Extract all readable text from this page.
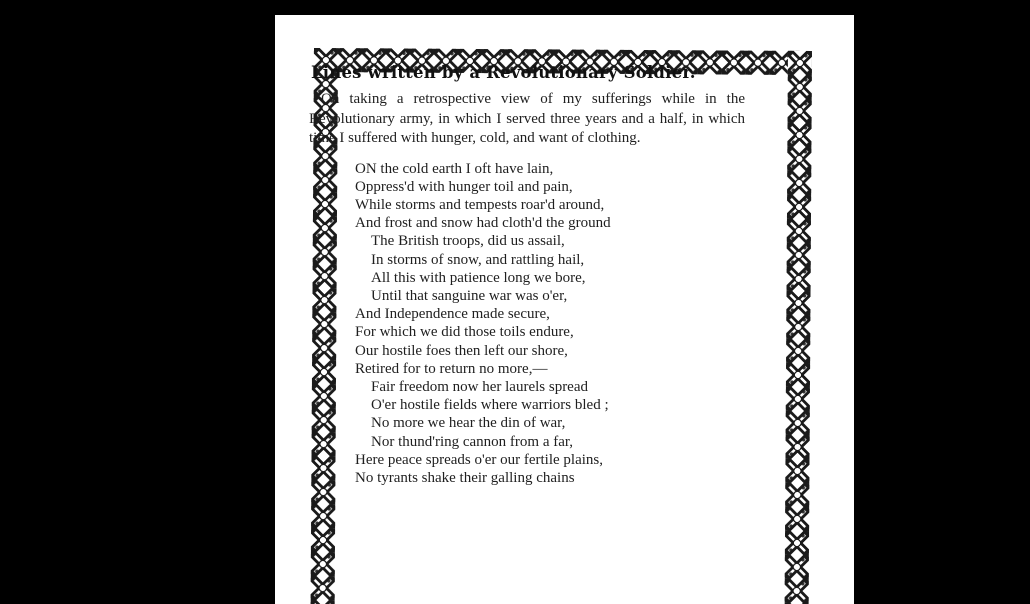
Lines written by a Revolutionary Soldier.

On taking a retrospective view of my sufferings while in the Revolutionary army, in which I served three years and a half, in which time I suffered with hunger, cold, and want of clothing.

ON the cold earth I oft have lain,
Oppress'd with hunger toil and pain,
While storms and tempests roar'd around,
And frost and snow had cloth'd the ground
The British troops, did us assail,
In storms of snow, and rattling hail,
All this with patience long we bore,
Until that sanguine war was o'er,
And Independence made secure,
For which we did those toils endure,
Our hostile foes then left our shore,
Retired for to return no more,—
Fair freedom now her laurels spread
O'er hostile fields where warriors bled ;
No more we hear the din of war,
Nor thund'ring cannon from a far,
Here peace spreads o'er our fertile plains,
No tyrants shake their galling chains
